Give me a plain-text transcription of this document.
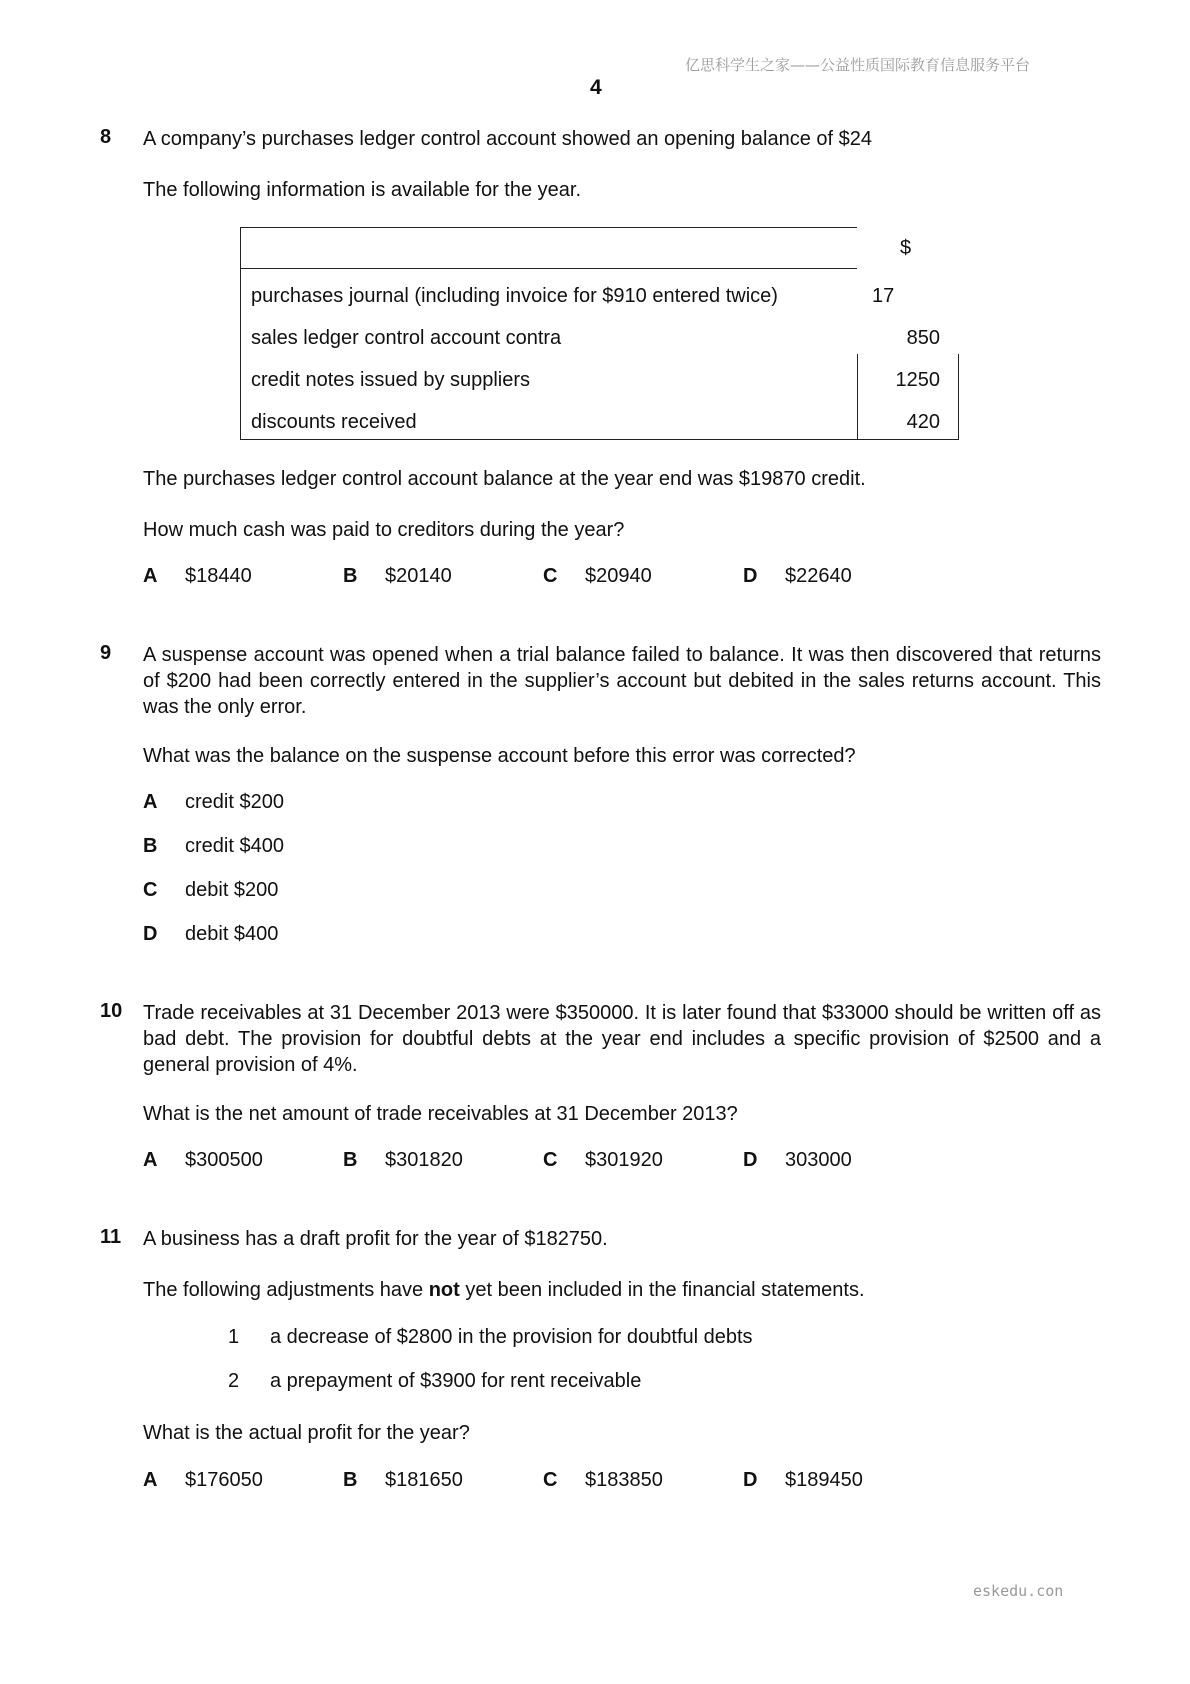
亿思科学生之家——公益性质国际教育信息服务平台
4
8 A company’s purchases ledger control account showed an opening balance of $24
The following information is available for the year.
$
purchases journal (including invoice for $910 entered twice)	17
sales ledger control account contra	850
credit notes issued by suppliers	1250
discounts received	420
The purchases ledger control account balance at the year end was $19870 credit.
How much cash was paid to creditors during the year?
A $18440	B $20140	C $20940	D $22640
9 A suspense account was opened when a trial balance failed to balance. It was then discovered that returns of $200 had been correctly entered in the supplier’s account but debited in the sales returns account. This was the only error.
What was the balance on the suspense account before this error was corrected?
A credit $200
B credit $400
C debit $200
D debit $400
10 Trade receivables at 31 December 2013 were $350000. It is later found that $33000 should be written off as bad debt. The provision for doubtful debts at the year end includes a specific provision of $2500 and a general provision of 4%.
What is the net amount of trade receivables at 31 December 2013?
A $300500	B $301820	C $301920	D 303000
11 A business has a draft profit for the year of $182750.
The following adjustments have not yet been included in the financial statements.
1 a decrease of $2800 in the provision for doubtful debts
2 a prepayment of $3900 for rent receivable
What is the actual profit for the year?
A $176050	B $181650	C $183850	D $189450
eskedu.con
